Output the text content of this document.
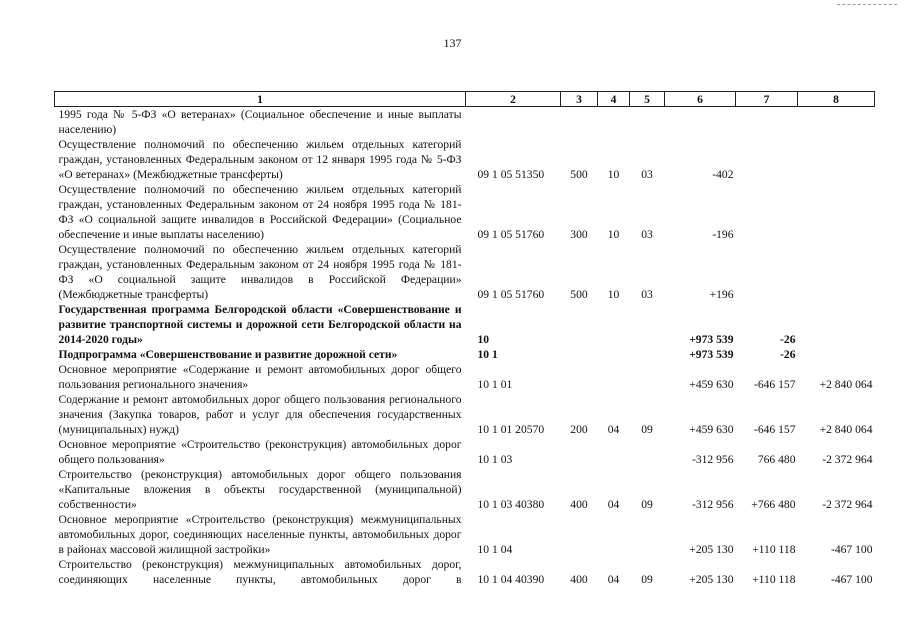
137
1	2	3	4	5	6	7	8
1995 года № 5-ФЗ «О ветеранах» (Социальное обеспечение и иные выплаты населению)							
Осуществление полномочий по обеспечению жильем отдельных категорий граждан, установленных Федеральным законом от 12 января 1995 года № 5-ФЗ «О ветеранах» (Межбюджетные трансферты)	09 1 05 51350	500	10	03	-402		
Осуществление полномочий по обеспечению жильем отдельных категорий граждан, установленных Федеральным законом от 24 ноября 1995 года № 181-ФЗ «О социальной защите инвалидов в Российской Федерации» (Социальное обеспечение и иные выплаты населению)	09 1 05 51760	300	10	03	-196		
Осуществление полномочий по обеспечению жильем отдельных категорий граждан, установленных Федеральным законом от 24 ноября 1995 года № 181-ФЗ «О социальной защите инвалидов в Российской Федерации» (Межбюджетные трансферты)	09 1 05 51760	500	10	03	+196		
Государственная программа Белгородской области «Совершенствование и развитие транспортной системы и дорожной сети Белгородской области на 2014-2020 годы»	10				+973 539	-26	
Подпрограмма «Совершенствование и развитие дорожной сети»	10 1				+973 539	-26	
Основное мероприятие «Содержание и ремонт автомобильных дорог общего пользования регионального значения»	10 1 01				+459 630	-646 157	+2 840 064
Содержание и ремонт автомобильных дорог общего пользования регионального значения (Закупка товаров, работ и услуг для обеспечения государственных (муниципальных) нужд)	10 1 01 20570	200	04	09	+459 630	-646 157	+2 840 064
Основное мероприятие «Строительство (реконструкция) автомобильных дорог общего пользования»	10 1 03				-312 956	766 480	-2 372 964
Строительство (реконструкция) автомобильных дорог общего пользования «Капитальные вложения в объекты государственной (муниципальной) собственности»	10 1 03 40380	400	04	09	-312 956	+766 480	-2 372 964
Основное мероприятие «Строительство (реконструкция) межмуниципальных автомобильных дорог, соединяющих населенные пункты, автомобильных дорог в районах массовой жилищной застройки»	10 1 04				+205 130	+110 118	-467 100
Строительство (реконструкция) межмуниципальных автомобильных дорог, соединяющих населенные пункты, автомобильных дорог в	10 1 04 40390	400	04	09	+205 130	+110 118	-467 100
